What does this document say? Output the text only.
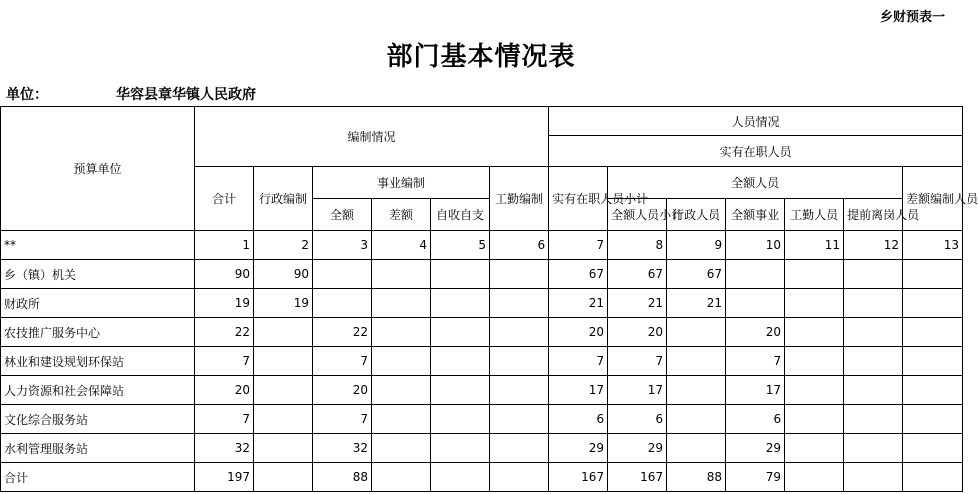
乡财预表一
部门基本情况表
单位：	华容县章华镇人民政府
预算单位	编制情况						人员情况						
							实有在职人员						
	合计	行政编制	事业编制			工勤编制	实有在职人员小计	全额人员					差额编制人员
			全额	差额	自收自支			全额人员小计	行政人员	全额事业	工勤人员	提前离岗人员	
**	1	2	3	4	5	6	7	8	9	10	11	12	13
乡（镇）机关	90	90					67	67	67				
财政所	19	19					21	21	21				
农技推广服务中心	22		22				20	20		20			
林业和建设规划环保站	7		7				7	7		7			
人力资源和社会保障站	20		20				17	17		17			
文化综合服务站	7		7				6	6		6			
水利管理服务站	32		32				29	29		29			
合计	197		88				167	167	88	79			
